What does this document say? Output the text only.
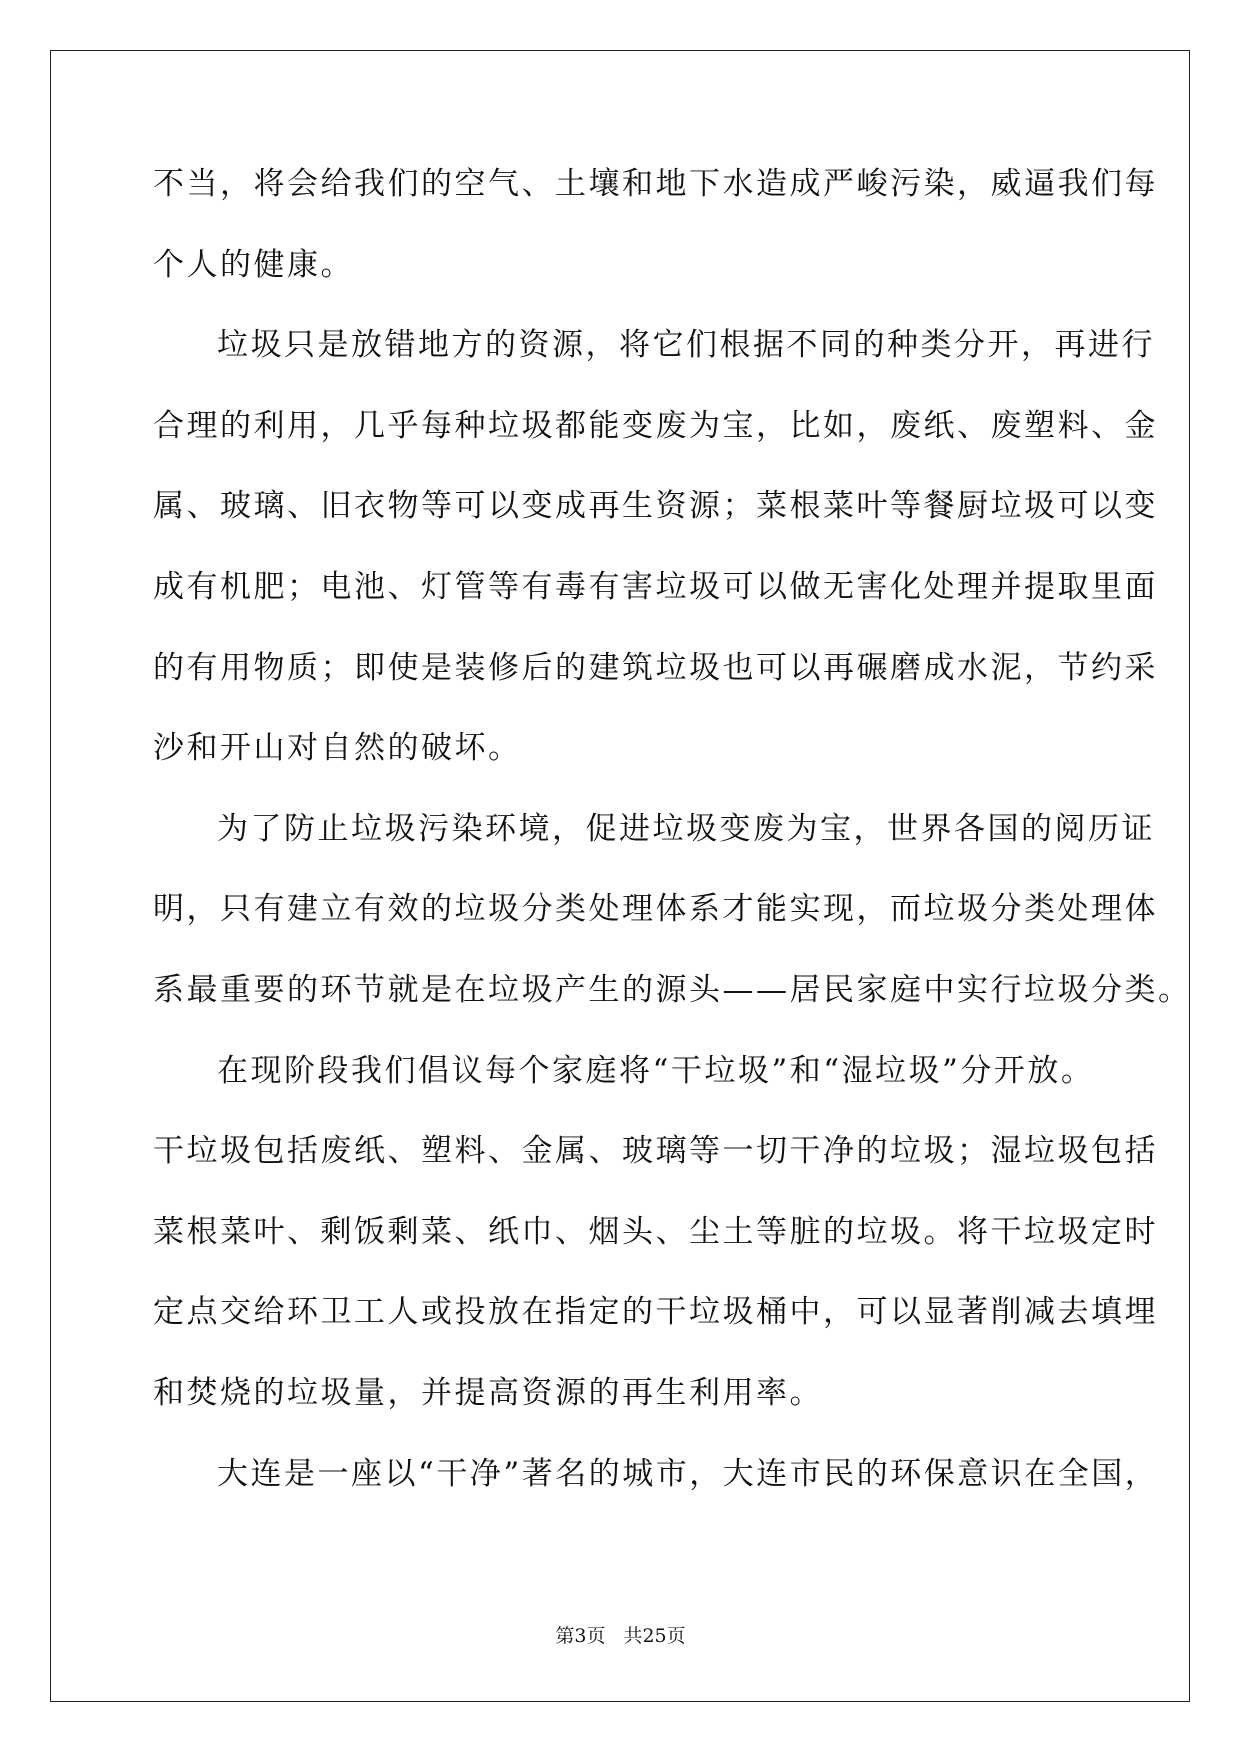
不当，将会给我们的空气、土壤和地下水造成严峻污染，威逼我们每
个人的健康。
垃圾只是放错地方的资源，将它们根据不同的种类分开，再进行
合理的利用，几乎每种垃圾都能变废为宝，比如，废纸、废塑料、金
属、玻璃、旧衣物等可以变成再生资源；菜根菜叶等餐厨垃圾可以变
成有机肥；电池、灯管等有毒有害垃圾可以做无害化处理并提取里面
的有用物质；即使是装修后的建筑垃圾也可以再碾磨成水泥，节约采
沙和开山对自然的破坏。
为了防止垃圾污染环境，促进垃圾变废为宝，世界各国的阅历证
明，只有建立有效的垃圾分类处理体系才能实现，而垃圾分类处理体
系最重要的环节就是在垃圾产生的源头——居民家庭中实行垃圾分类。
在现阶段我们倡议每个家庭将“干垃圾”和“湿垃圾”分开放。
干垃圾包括废纸、塑料、金属、玻璃等一切干净的垃圾；湿垃圾包括
菜根菜叶、剩饭剩菜、纸巾、烟头、尘土等脏的垃圾。将干垃圾定时
定点交给环卫工人或投放在指定的干垃圾桶中，可以显著削减去填埋
和焚烧的垃圾量，并提高资源的再生利用率。
大连是一座以“干净”著名的城市，大连市民的环保意识在全国，
第3页 共25页
